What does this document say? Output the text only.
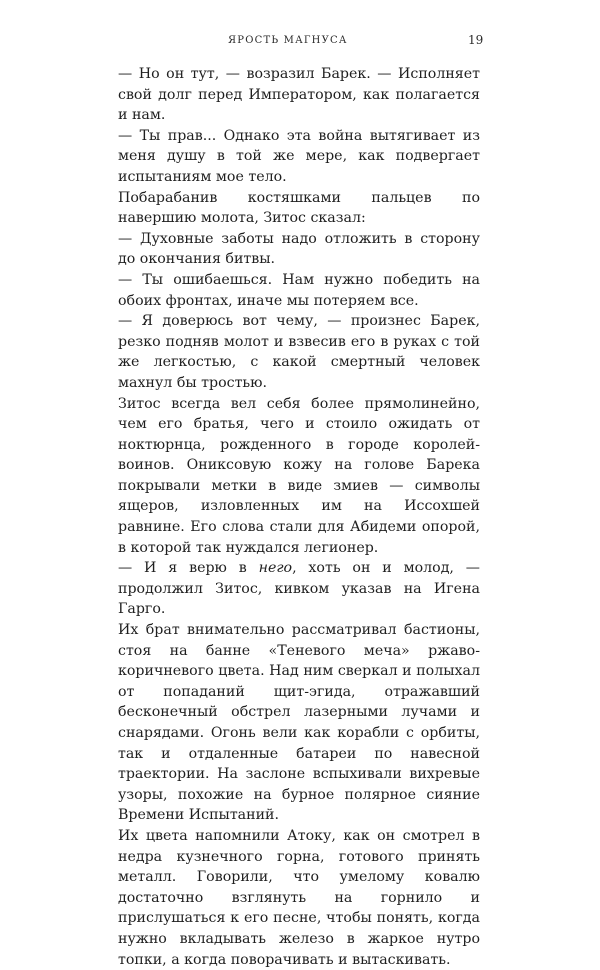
ЯРОСТЬ МАГНУСА	19

— Но он тут, — возразил Барек. — Исполняет свой долг перед Императором, как полагается и нам.

— Ты прав... Однако эта война вытягивает из меня душу в той же мере, как подвергает испытаниям мое тело.

Побарабанив костяшками пальцев по навершию молота, Зитос сказал:

— Духовные заботы надо отложить в сторону до окончания битвы.

— Ты ошибаешься. Нам нужно победить на обоих фронтах, иначе мы потеряем все.

— Я доверюсь вот чему, — произнес Барек, резко подняв молот и взвесив его в руках с той же легкостью, с какой смертный человек махнул бы тростью.

Зитос всегда вел себя более прямолинейно, чем его братья, чего и стоило ожидать от ноктюрнца, рожденного в городе королей-воинов. Ониксовую кожу на голове Барека покрывали метки в виде змиев — символы ящеров, изловленных им на Иссохшей равнине. Его слова стали для Абидеми опорой, в которой так нуждался легионер.

— И я верю в него, хоть он и молод, — продолжил Зитос, кивком указав на Игена Гарго.

Их брат внимательно рассматривал бастионы, стоя на банне «Теневого меча» ржаво-коричневого цвета. Над ним сверкал и полыхал от попаданий щит-эгида, отражавший бесконечный обстрел лазерными лучами и снарядами. Огонь вели как корабли с орбиты, так и отдаленные батареи по навесной траектории. На заслоне вспыхивали вихревые узоры, похожие на бурное полярное сияние Времени Испытаний.

Их цвета напомнили Атоку, как он смотрел в недра кузнечного горна, готового принять металл. Говорили, что умелому ковалю достаточно взглянуть на горнило и прислушаться к его песне, чтобы понять, когда нужно вкладывать железо в жаркое нутро топки, а когда поворачивать и вытаскивать.
